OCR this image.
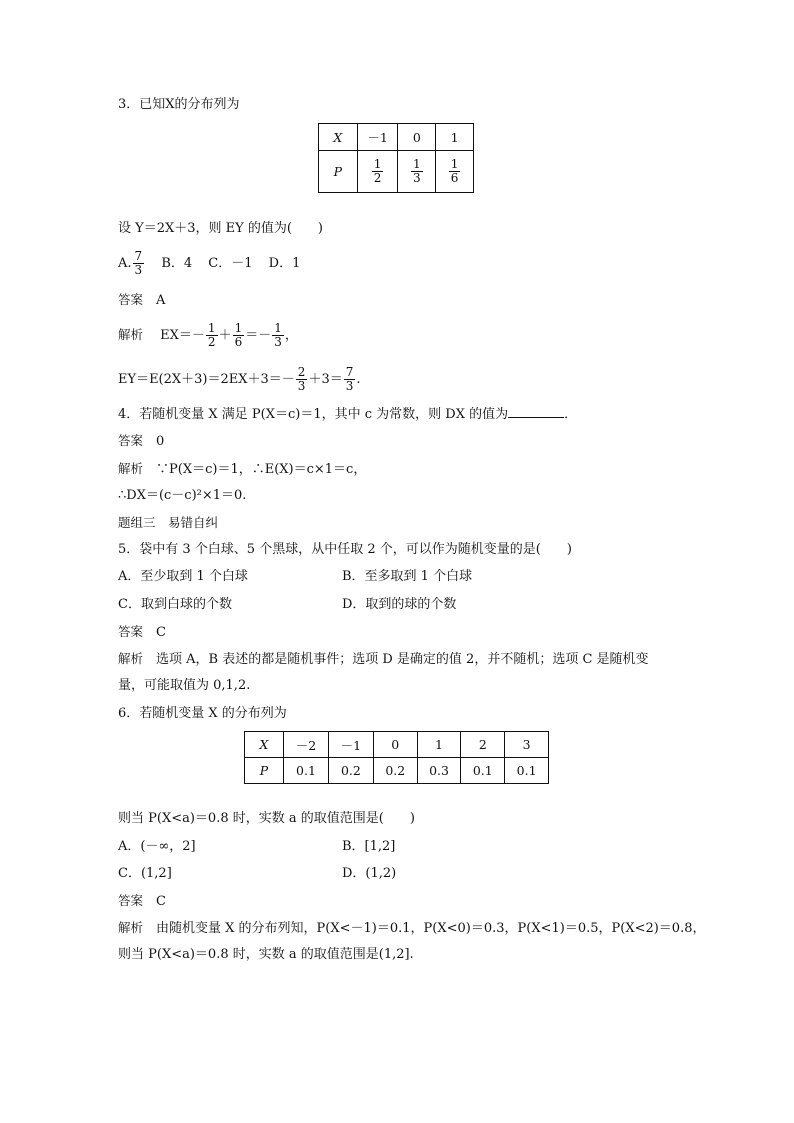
3．已知X的分布列为
X	－1	0	1
P	$\frac{1}{2}$	$\frac{1}{3}$	$\frac{1}{6}$
设 Y＝2X＋3，则 EY 的值为( )
A. $\frac{7}{3}$ B．4 C．－1 D．1
答案　 A
解析　 $EX=- \frac{1}{2} + \frac{1}{6} =- \frac{1}{3}$ ，
$EY=E(2X+3)=2EX+3=- \frac{2}{3} +3= \frac{7}{3}$ .
4．若随机变量 X 满足 P(X＝c)＝1，其中 c 为常数，则 DX 的值为	．
答案　 0
解析　 ∵P(X＝c)＝1，∴E(X)＝c×1＝c，
∴DX＝(c－c)²×1＝0.
题组三　易错自纠
5．袋中有 3 个白球、5 个黑球，从中任取 2 个，可以作为随机变量的是(　　)
A．至少取到 1 个白球	B．至多取到 1 个白球
C．取到白球的个数	D．取到的球的个数
答案　 C
解析　 选项 A，B 表述的都是随机事件；选项 D 是确定的值 2，并不随机；选项 C 是随机变
量，可能取值为 0,1,2.
6．若随机变量 X 的分布列为
X	－2	－1	0	1	2	3
P	0.1	0.2	0.2	0.3	0.1	0.1
则当 P(X<a)＝0.8 时，实数 a 的取值范围是(　　)
A．(－∞，2]	B．[1,2]
C．(1,2]	D．(1,2)
答案　 C
解析　 由随机变量 X 的分布列知，P(X<－1)＝0.1，P(X<0)＝0.3，P(X<1)＝0.5，P(X<2)＝0.8，
则当 P(X<a)＝0.8 时，实数 a 的取值范围是(1,2].
